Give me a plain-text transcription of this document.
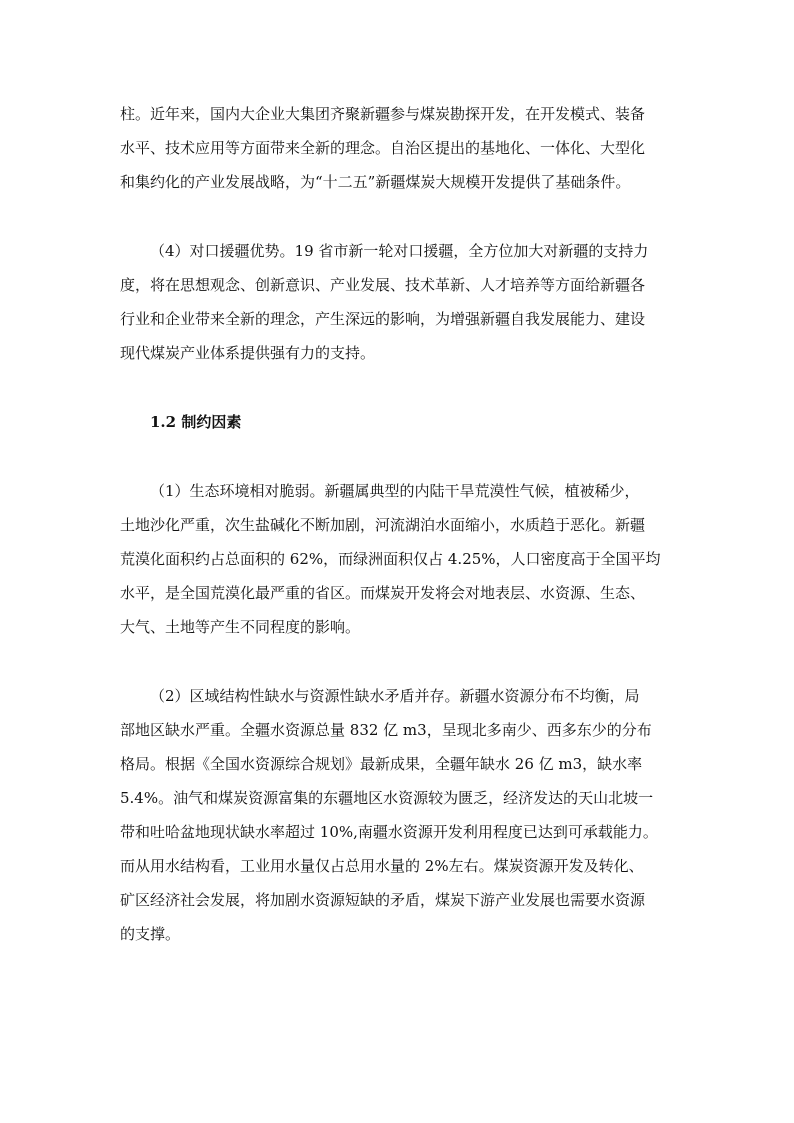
柱。近年来，国内大企业大集团齐聚新疆参与煤炭勘探开发，在开发模式、装备
水平、技术应用等方面带来全新的理念。自治区提出的基地化、一体化、大型化
和集约化的产业发展战略，为“十二五”新疆煤炭大规模开发提供了基础条件。
（4）对口援疆优势。19 省市新一轮对口援疆，全方位加大对新疆的支持力
度，将在思想观念、创新意识、产业发展、技术革新、人才培养等方面给新疆各
行业和企业带来全新的理念，产生深远的影响，为增强新疆自我发展能力、建设
现代煤炭产业体系提供强有力的支持。
1.2 制约因素
（1）生态环境相对脆弱。新疆属典型的内陆干旱荒漠性气候，植被稀少，
土地沙化严重，次生盐碱化不断加剧，河流湖泊水面缩小，水质趋于恶化。新疆
荒漠化面积约占总面积的 62%，而绿洲面积仅占 4.25%，人口密度高于全国平均
水平，是全国荒漠化最严重的省区。而煤炭开发将会对地表层、水资源、生态、
大气、土地等产生不同程度的影响。
（2）区域结构性缺水与资源性缺水矛盾并存。新疆水资源分布不均衡，局
部地区缺水严重。全疆水资源总量 832 亿 m3，呈现北多南少、西多东少的分布
格局。根据《全国水资源综合规划》最新成果，全疆年缺水 26 亿 m3，缺水率
5.4%。油气和煤炭资源富集的东疆地区水资源较为匮乏，经济发达的天山北坡一
带和吐哈盆地现状缺水率超过 10%,南疆水资源开发利用程度已达到可承载能力。
而从用水结构看，工业用水量仅占总用水量的 2%左右。煤炭资源开发及转化、
矿区经济社会发展，将加剧水资源短缺的矛盾，煤炭下游产业发展也需要水资源
的支撑。
